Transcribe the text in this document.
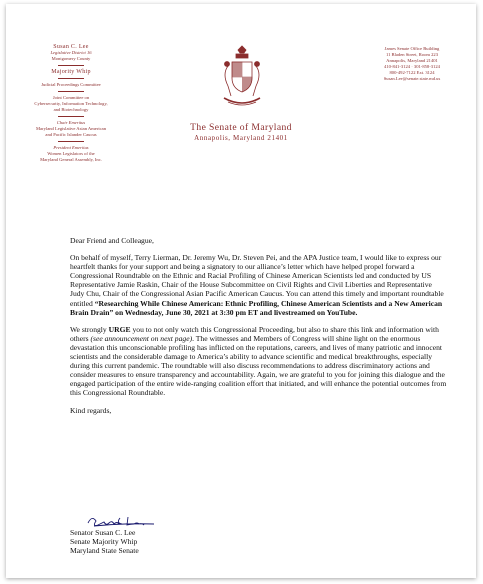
Susan C. Lee
Legislative District 16
Montgomery County
Majority Whip
Judicial Proceedings Committee
Joint Committee on
Cybersecurity, Information Technology,
and Biotechnology
Chair Emeritus
Maryland Legislative Asian American
and Pacific Islander Caucus
President Emeritus
Women Legislators of the
Maryland General Assembly, Inc.
The Senate of Maryland
Annapolis, Maryland 21401
James Senate Office Building
11 Bladen Street, Room 223
Annapolis, Maryland 21401
410-841-3124 · 301-858-3124
800-492-7122 Ext. 3124
Susan.Lee@senate.state.md.us

Dear Friend and Colleague,

On behalf of myself, Terry Lierman, Dr. Jeremy Wu, Dr. Steven Pei, and the APA Justice team, I would like to express our heartfelt thanks for your support and being a signatory to our alliance’s letter which have helped propel forward a Congressional Roundtable on the Ethnic and Racial Profiling of Chinese American Scientists led and conducted by US Representative Jamie Raskin, Chair of the House Subcommittee on Civil Rights and Civil Liberties and Representative Judy Chu, Chair of the Congressional Asian Pacific American Caucus. You can attend this timely and important roundtable entitled “Researching While Chinese American: Ethnic Profiling, Chinese American Scientists and a New American Brain Drain” on Wednesday, June 30, 2021 at 3:30 pm ET and livestreamed on YouTube.

We strongly URGE you to not only watch this Congressional Proceeding, but also to share this link and information with others (see announcement on next page). The witnesses and Members of Congress will shine light on the enormous devastation this unconscionable profiling has inflicted on the reputations, careers, and lives of many patriotic and innocent scientists and the considerable damage to America’s ability to advance scientific and medical breakthroughs, especially during this current pandemic. The roundtable will also discuss recommendations to address discriminatory actions and consider measures to ensure transparency and accountability. Again, we are grateful to you for joining this dialogue and the engaged participation of the entire wide-ranging coalition effort that initiated, and will enhance the potential outcomes from this Congressional Roundtable.

Kind regards,

Senator Susan C. Lee
Senate Majority Whip
Maryland State Senate
